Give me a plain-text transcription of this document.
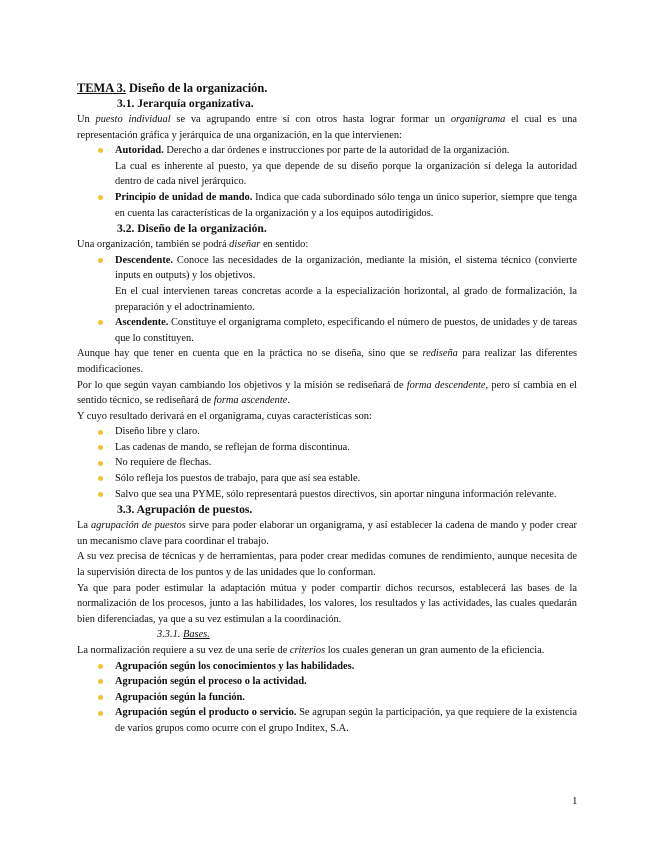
TEMA 3. Diseño de la organización.
3.1. Jerarquía organizativa.

Un puesto individual se va agrupando entre sí con otros hasta lograr formar un organigrama el cual es una representación gráfica y jerárquica de una organización, en la que intervienen:

Autoridad. Derecho a dar órdenes e instrucciones por parte de la autoridad de la organización.
La cual es inherente al puesto, ya que depende de su diseño porque la organización sí delega la autoridad dentro de cada nivel jerárquico.
Principio de unidad de mando. Indica que cada subordinado sólo tenga un único superior, siempre que tenga en cuenta las características de la organización y a los equipos autodirigidos.
3.2. Diseño de la organización.

Una organización, también se podrá diseñar en sentido:

Descendente. Conoce las necesidades de la organización, mediante la misión, el sistema técnico (convierte inputs en outputs) y los objetivos.
En el cual intervienen tareas concretas acorde a la especialización horizontal, al grado de formalización, la preparación y el adoctrinamiento.
Ascendente. Constituye el organigrama completo, especificando el número de puestos, de unidades y de tareas que lo constituyen.

Aunque hay que tener en cuenta que en la práctica no se diseña, sino que se rediseña para realizar las diferentes modificaciones.

Por lo que según vayan cambiando los objetivos y la misión se rediseñará de forma descendente, pero sí cambia en el sentido técnico, se rediseñará de forma ascendente.

Y cuyo resultado derivará en el organigrama, cuyas características son:

Diseño libre y claro.
Las cadenas de mando, se reflejan de forma discontinua.
No requiere de flechas.
Sólo refleja los puestos de trabajo, para que así sea estable.
Salvo que sea una PYME, sólo representará puestos directivos, sin aportar ninguna información relevante.
3.3. Agrupación de puestos.

La agrupación de puestos sirve para poder elaborar un organigrama, y así establecer la cadena de mando y poder crear un mecanismo clave para coordinar el trabajo.

A su vez precisa de técnicas y de herramientas, para poder crear medidas comunes de rendimiento, aunque necesita de la supervisión directa de los puntos y de las unidades que lo conforman.

Ya que para poder estimular la adaptación mútua y poder compartir dichos recursos, establecerá las bases de la normalización de los procesos, junto a las habilidades, los valores, los resultados y las actividades, las cuales quedarán bien diferenciadas, ya que a su vez estimulan a la coordinación.

3.3.1. Bases.

La normalización requiere a su vez de una serie de criterios los cuales generan un gran aumento de la eficiencia.

Agrupación según los conocimientos y las habilidades.
Agrupación según el proceso o la actividad.
Agrupación según la función.
Agrupación según el producto o servicio. Se agrupan según la participación, ya que requiere de la existencia de varios grupos como ocurre con el grupo Inditex, S.A.
1
